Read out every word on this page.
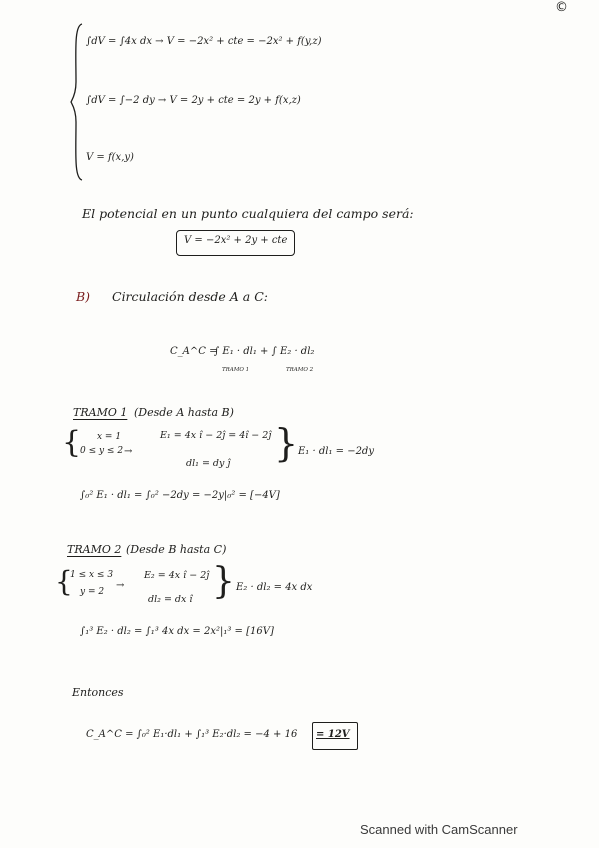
©
∫dV = ∫4x dx → V = −2x² + cte = −2x² + f(y,z)
∫dV = ∫−2 dy → V = 2y + cte = 2y + f(x,z)
V = f(x,y)
El potencial en un punto cualquiera del campo será:
V = −2x² + 2y + cte
B) Circulación desde A a C:
C_A^C =
∫ E₁ · dl₁ + ∫ E₂ · dl₂
TRAMO 1	TRAMO 2
TRAMO 1 (Desde A hasta B)
{ x = 1
0 ≤ y ≤ 2 →
E₁ = 4x î − 2ĵ = 4î − 2ĵ
dl₁ = dy ĵ } E₁ · dl₁ = −2dy
∫₀² E₁ · dl₁ = ∫₀² −2dy = −2y|₀² = [−4V]
TRAMO 2 (Desde B hasta C)
{
1 ≤ x ≤ 3
y = 2
→
E₂ = 4x î − 2ĵ
dl₂ = dx î } E₂ · dl₂ = 4x dx
∫₁³ E₂ · dl₂ = ∫₁³ 4x dx = 2x²|₁³ = [16V]
Entonces
C_A^C = ∫₀² E₁·dl₁ + ∫₁³ E₂·dl₂ = −4 + 16 = 12V
Scanned with CamScanner
